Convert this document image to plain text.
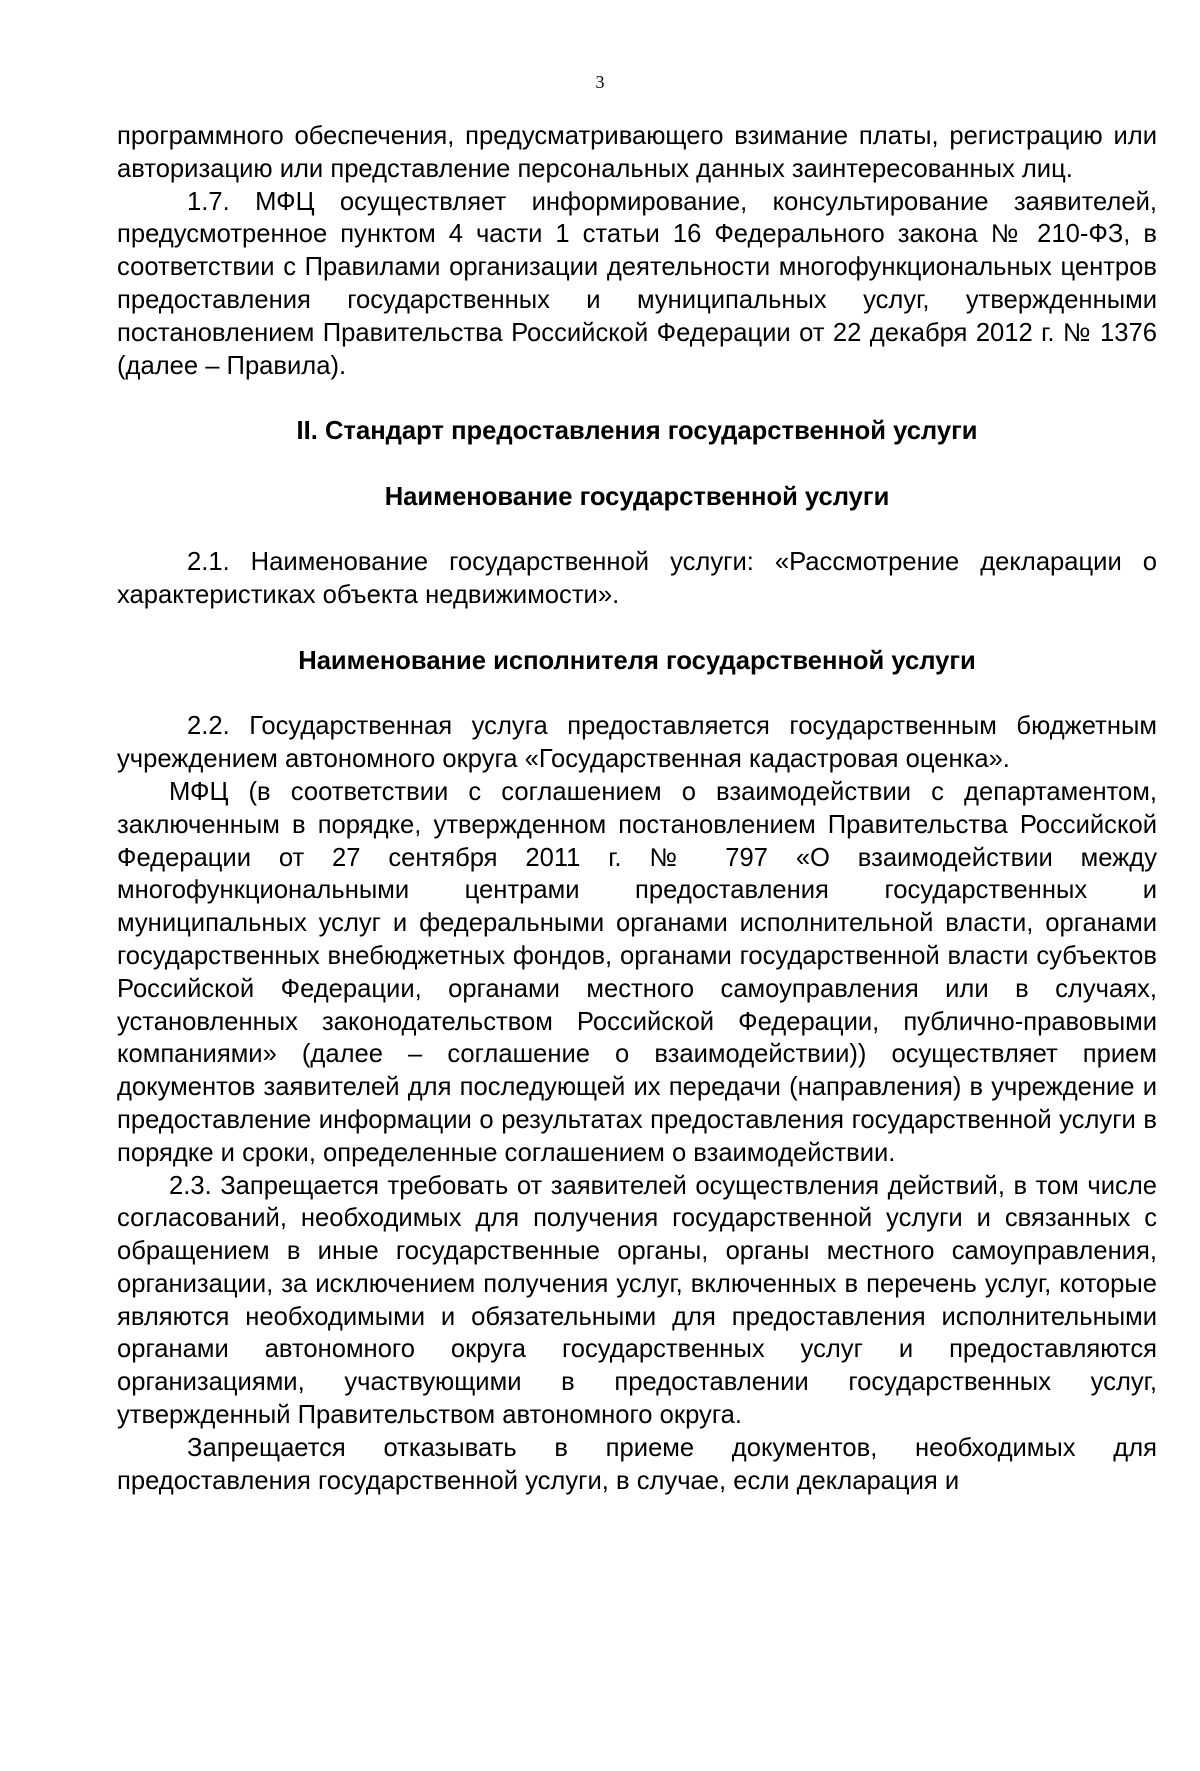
3

программного обеспечения, предусматривающего взимание платы, регистрацию или авторизацию или представление персональных данных заинтересованных лиц.

1.7. МФЦ осуществляет информирование, консультирование заявителей, предусмотренное пунктом 4 части 1 статьи 16 Федерального закона № 210-ФЗ, в соответствии с Правилами организации деятельности многофункциональных центров предоставления государственных и муниципальных услуг, утвержденными постановлением Правительства Российской Федерации от 22 декабря 2012 г. № 1376 (далее – Правила).

II. Стандарт предоставления государственной услуги
Наименование государственной услуги

2.1. Наименование государственной услуги: «Рассмотрение декларации о характеристиках объекта недвижимости».

Наименование исполнителя государственной услуги

2.2. Государственная услуга предоставляется государственным бюджетным учреждением автономного округа «Государственная кадастровая оценка».

МФЦ (в соответствии с соглашением о взаимодействии с департаментом, заключенным в порядке, утвержденном постановлением Правительства Российской Федерации от 27 сентября 2011 г. № 797 «О взаимодействии между многофункциональными центрами предоставления государственных и муниципальных услуг и федеральными органами исполнительной власти, органами государственных внебюджетных фондов, органами государственной власти субъектов Российской Федерации, органами местного самоуправления или в случаях, установленных законодательством Российской Федерации, публично-правовыми компаниями» (далее – соглашение о взаимодействии)) осуществляет прием документов заявителей для последующей их передачи (направления) в учреждение и предоставление информации о результатах предоставления государственной услуги в порядке и сроки, определенные соглашением о взаимодействии.

2.3. Запрещается требовать от заявителей осуществления действий, в том числе согласований, необходимых для получения государственной услуги и связанных с обращением в иные государственные органы, органы местного самоуправления, организации, за исключением получения услуг, включенных в перечень услуг, которые являются необходимыми и обязательными для предоставления исполнительными органами автономного округа государственных услуг и предоставляются организациями, участвующими в предоставлении государственных услуг, утвержденный Правительством автономного округа.

Запрещается отказывать в приеме документов, необходимых для предоставления государственной услуги, в случае, если декларация и
